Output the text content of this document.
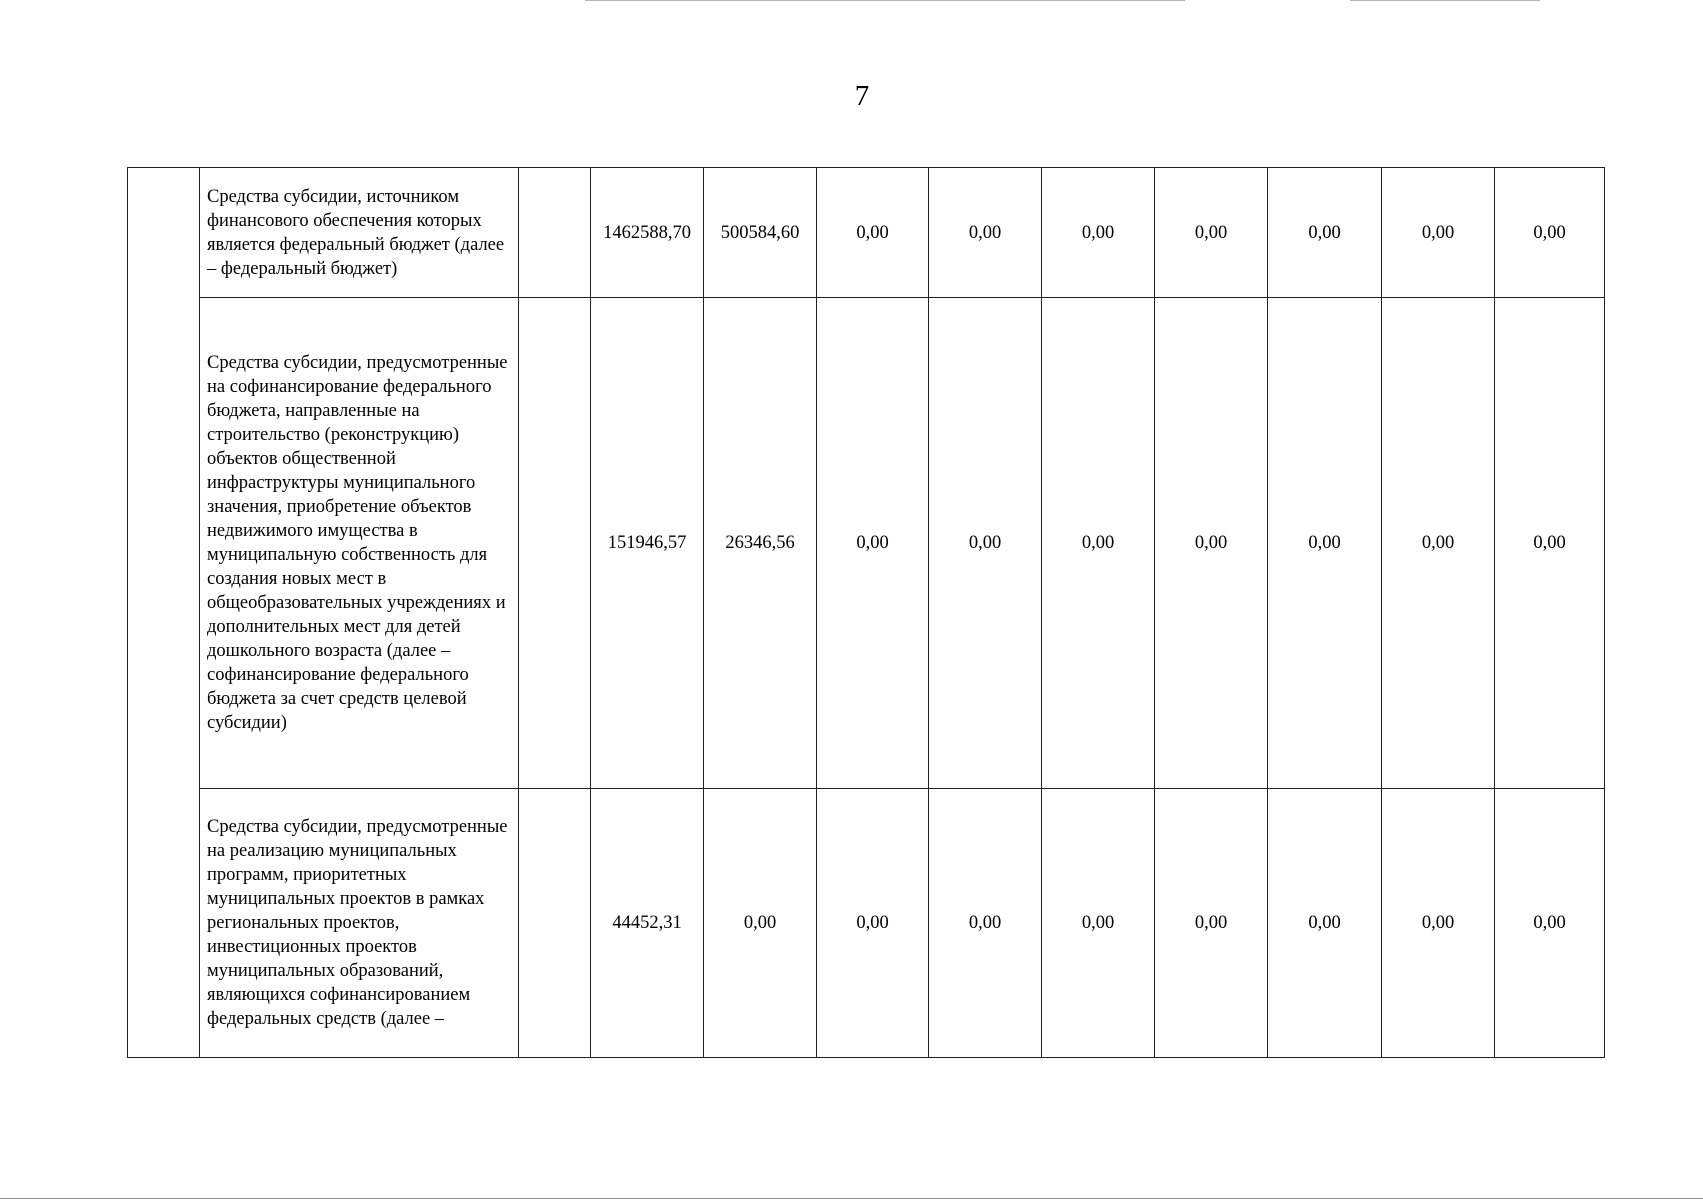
7
	Средства субсидии, источником финансового обеспечения которых является федеральный бюджет (далее – федеральный бюджет)		1462588,70	500584,60	0,00	0,00	0,00	0,00	0,00	0,00	0,00
	Средства субсидии, предусмотренные на софинансирование федерального бюджета, направленные на строительство (реконструкцию) объектов общественной инфраструктуры муниципального значения, приобретение объектов недвижимого имущества в муниципальную собственность для создания новых мест в общеобразовательных учреждениях и дополнительных мест для детей дошкольного возраста (далее – софинансирование федерального бюджета за счет средств целевой субсидии)		151946,57	26346,56	0,00	0,00	0,00	0,00	0,00	0,00	0,00
	Средства субсидии, предусмотренные на реализацию муниципальных программ, приоритетных муниципальных проектов в рамках региональных проектов, инвестиционных проектов муниципальных образований, являющихся софинансированием федеральных средств (далее –		44452,31	0,00	0,00	0,00	0,00	0,00	0,00	0,00	0,00
